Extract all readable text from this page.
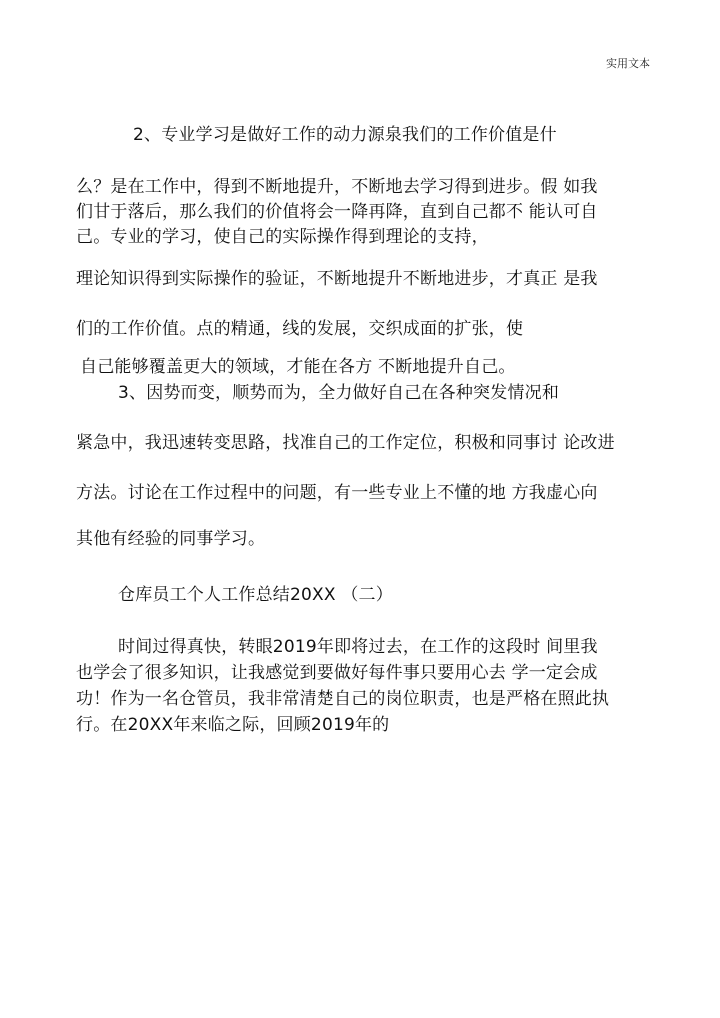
实用文本
2、专业学习是做好工作的动力源泉我们的工作价值是什
么？是在工作中，得到不断地提升，不断地去学习得到进步。假 如我
们甘于落后，那么我们的价值将会一降再降，直到自己都不 能认可自
己。专业的学习，使自己的实际操作得到理论的支持，
理论知识得到实际操作的验证，不断地提升不断地进步，才真正 是我
们的工作价值。点的精通，线的发展，交织成面的扩张，使
自己能够覆盖更大的领域，才能在各方 不断地提升自己。
3、因势而变，顺势而为，全力做好自己在各种突发情况和
紧急中，我迅速转变思路，找准自己的工作定位，积极和同事讨 论改进
方法。讨论在工作过程中的问题，有一些专业上不懂的地 方我虚心向
其他有经验的同事学习。
仓库员工个人工作总结20XX （二）
时间过得真快，转眼2019年即将过去，在工作的这段时 间里我
也学会了很多知识，让我感觉到要做好每件事只要用心去 学一定会成
功！作为一名仓管员，我非常清楚自己的岗位职责，也是严格在照此执
行。在20XX年来临之际，回顾2019年的
